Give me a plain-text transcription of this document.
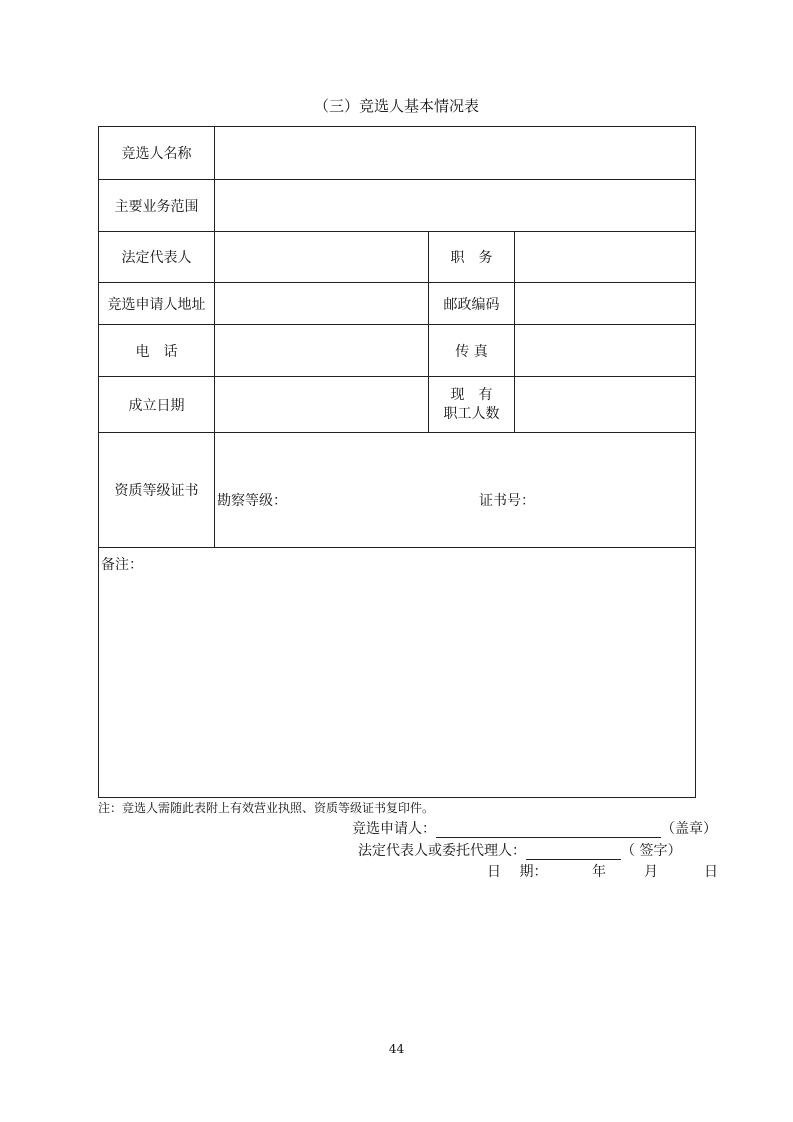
（三）竞选人基本情况表
竞选人名称			
主要业务范围			
法定代表人		职　务	
竞选申请人地址		邮政编码	
电　话		传 真	
成立日期		现　有
职工人数	

资质等级证书	勘察等级： 证书号：		

备注：			
注：竞选人需随此表附上有效营业执照、资质等级证书复印件。
竞选申请人：	（盖章）
法定代表人或委托代理人：	（ 签字）
日　 期：	年	月	日
44
